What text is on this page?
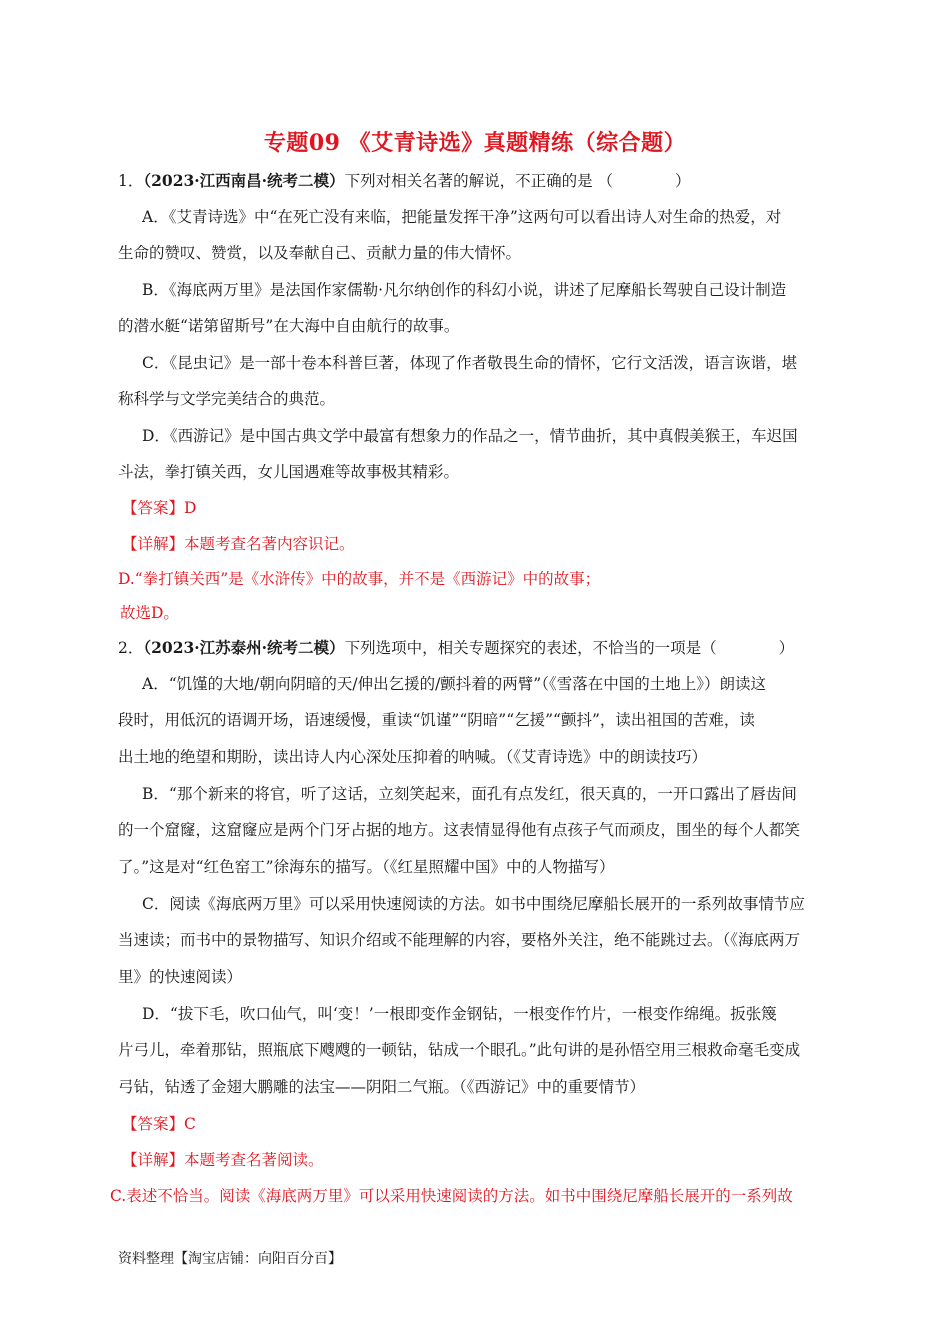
专题09 《艾青诗选》真题精练（综合题）
1．（2023·江西南昌·统考二模）下列对相关名著的解说，不正确的是 （　　　　）
A．《艾青诗选》中“在死亡没有来临，把能量发挥干净”这两句可以看出诗人对生命的热爱，对
生命的赞叹、赞赏，以及奉献自己、贡献力量的伟大情怀。
B．《海底两万里》是法国作家儒勒·凡尔纳创作的科幻小说，讲述了尼摩船长驾驶自己设计制造
的潜水艇“诺第留斯号”在大海中自由航行的故事。
C．《昆虫记》是一部十卷本科普巨著，体现了作者敬畏生命的情怀，它行文活泼，语言诙谐，堪
称科学与文学完美结合的典范。
D．《西游记》是中国古典文学中最富有想象力的作品之一，情节曲折，其中真假美猴王，车迟国
斗法，拳打镇关西，女儿国遇难等故事极其精彩。
【答案】D
【详解】本题考查名著内容识记。
D.“拳打镇关西”是《水浒传》中的故事，并不是《西游记》中的故事；
故选D。
2．（2023·江苏泰州·统考二模）下列选项中，相关专题探究的表述，不恰当的一项是（　　　　）
A．“饥馑的大地/朝向阴暗的天/伸出乞援的/颤抖着的两臂”（《雪落在中国的土地上》）朗读这
段时，用低沉的语调开场，语速缓慢，重读“饥谨”“阴暗”“乞援”“颤抖”，读出祖国的苦难，读
出土地的绝望和期盼，读出诗人内心深处压抑着的呐喊。（《艾青诗选》中的朗读技巧）
B．“那个新来的将官，听了这话，立刻笑起来，面孔有点发红，很天真的，一开口露出了唇齿间
的一个窟窿，这窟窿应是两个门牙占据的地方。这表情显得他有点孩子气而顽皮，围坐的每个人都笑
了。”这是对“红色窑工”徐海东的描写。（《红星照耀中国》中的人物描写）
C．阅读《海底两万里》可以采用快速阅读的方法。如书中围绕尼摩船长展开的一系列故事情节应
当速读；而书中的景物描写、知识介绍或不能理解的内容，要格外关注，绝不能跳过去。（《海底两万
里》的快速阅读）
D．“拔下毛，吹口仙气，叫‘变！’一根即变作金钢钻，一根变作竹片，一根变作绵绳。扳张篾
片弓儿，牵着那钻，照瓶底下飕飕的一顿钻，钻成一个眼孔。”此句讲的是孙悟空用三根救命毫毛变成
弓钻，钻透了金翅大鹏雕的法宝——阴阳二气瓶。（《西游记》中的重要情节）
【答案】C
【详解】本题考查名著阅读。
C.表述不恰当。阅读《海底两万里》可以采用快速阅读的方法。如书中围绕尼摩船长展开的一系列故
资料整理【淘宝店铺：向阳百分百】
